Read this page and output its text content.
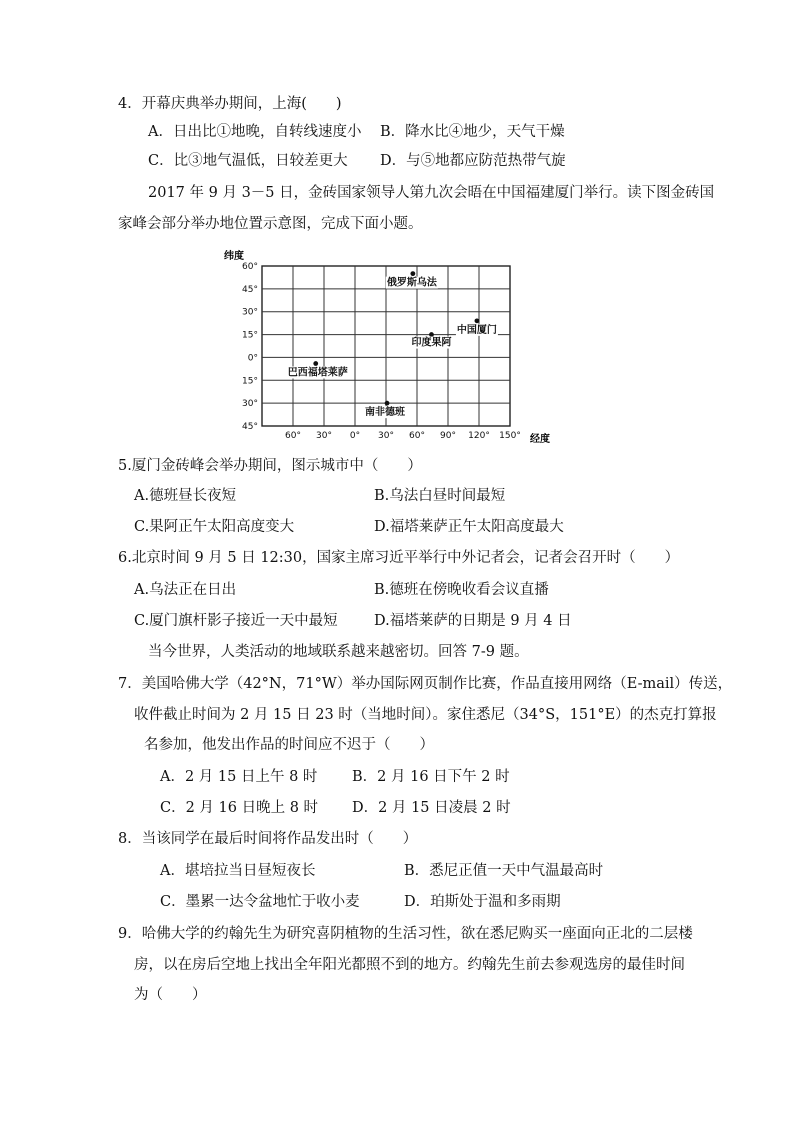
4．开幕庆典举办期间，上海(　　)
A．日出比①地晚，自转线速度小 B．降水比④地少，天气干燥
C．比③地气温低，日较差更大 D．与⑤地都应防范热带气旋
2017 年 9 月 3－5 日，金砖国家领导人第九次会晤在中国福建厦门举行。读下图金砖国
家峰会部分举办地位置示意图，完成下面小题。
纬度
经度
60°
45°
30°
15°
0°
15°
30°
45°
60° 30° 0° 30° 60° 90° 120° 150°
俄罗斯乌法
中国厦门
印度果阿
巴西福塔莱萨
南非德班
5.厦门金砖峰会举办期间，图示城市中（　　）
A.德班昼长夜短	B.乌法白昼时间最短
C.果阿正午太阳高度变大	D.福塔莱萨正午太阳高度最大
6.北京时间 9 月 5 日 12:30，国家主席习近平举行中外记者会，记者会召开时（　　）
A.乌法正在日出	B.德班在傍晚收看会议直播
C.厦门旗杆影子接近一天中最短	D.福塔莱萨的日期是 9 月 4 日
当今世界，人类活动的地域联系越来越密切。回答 7-9 题。
7．美国哈佛大学（42°N，71°W）举办国际网页制作比赛，作品直接用网络（E-mail）传送，
收件截止时间为 2 月 15 日 23 时（当地时间）。家住悉尼（34°S，151°E）的杰克打算报
名参加，他发出作品的时间应不迟于（　　）
A．2 月 15 日上午 8 时 B．2 月 16 日下午 2 时
C．2 月 16 日晚上 8 时 D．2 月 15 日凌晨 2 时
8．当该同学在最后时间将作品发出时（　　）
A．堪培拉当日昼短夜长	B．悉尼正值一天中气温最高时
C．墨累一达令盆地忙于收小麦	D．珀斯处于温和多雨期
9．哈佛大学的约翰先生为研究喜阴植物的生活习性，欲在悉尼购买一座面向正北的二层楼
房，以在房后空地上找出全年阳光都照不到的地方。约翰先生前去参观选房的最佳时间
为（　　）
